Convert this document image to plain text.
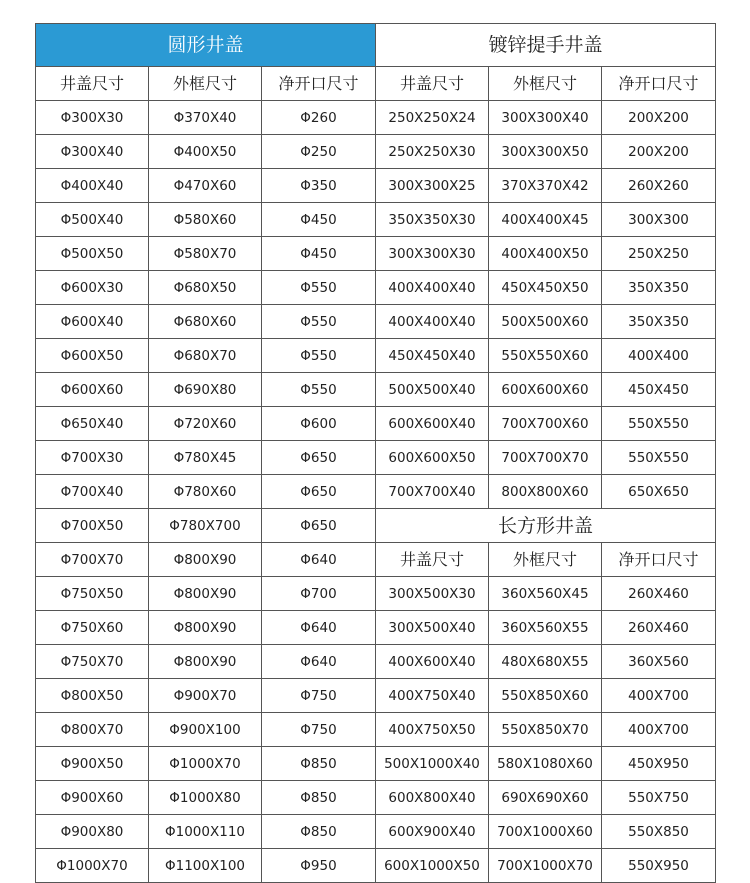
圆形井盖			镀锌提手井盖		
井盖尺寸	外框尺寸	净开口尺寸	井盖尺寸	外框尺寸	净开口尺寸
Φ300X30	Φ370X40	Φ260	250X250X24	300X300X40	200X200
Φ300X40	Φ400X50	Φ250	250X250X30	300X300X50	200X200
Φ400X40	Φ470X60	Φ350	300X300X25	370X370X42	260X260
Φ500X40	Φ580X60	Φ450	350X350X30	400X400X45	300X300
Φ500X50	Φ580X70	Φ450	300X300X30	400X400X50	250X250
Φ600X30	Φ680X50	Φ550	400X400X40	450X450X50	350X350
Φ600X40	Φ680X60	Φ550	400X400X40	500X500X60	350X350
Φ600X50	Φ680X70	Φ550	450X450X40	550X550X60	400X400
Φ600X60	Φ690X80	Φ550	500X500X40	600X600X60	450X450
Φ650X40	Φ720X60	Φ600	600X600X40	700X700X60	550X550
Φ700X30	Φ780X45	Φ650	600X600X50	700X700X70	550X550
Φ700X40	Φ780X60	Φ650	700X700X40	800X800X60	650X650
Φ700X50	Φ780X700	Φ650	长方形井盖		
Φ700X70	Φ800X90	Φ640	井盖尺寸	外框尺寸	净开口尺寸
Φ750X50	Φ800X90	Φ700	300X500X30	360X560X45	260X460
Φ750X60	Φ800X90	Φ640	300X500X40	360X560X55	260X460
Φ750X70	Φ800X90	Φ640	400X600X40	480X680X55	360X560
Φ800X50	Φ900X70	Φ750	400X750X40	550X850X60	400X700
Φ800X70	Φ900X100	Φ750	400X750X50	550X850X70	400X700
Φ900X50	Φ1000X70	Φ850	500X1000X40	580X1080X60	450X950
Φ900X60	Φ1000X80	Φ850	600X800X40	690X690X60	550X750
Φ900X80	Φ1000X110	Φ850	600X900X40	700X1000X60	550X850
Φ1000X70	Φ1100X100	Φ950	600X1000X50	700X1000X70	550X950
